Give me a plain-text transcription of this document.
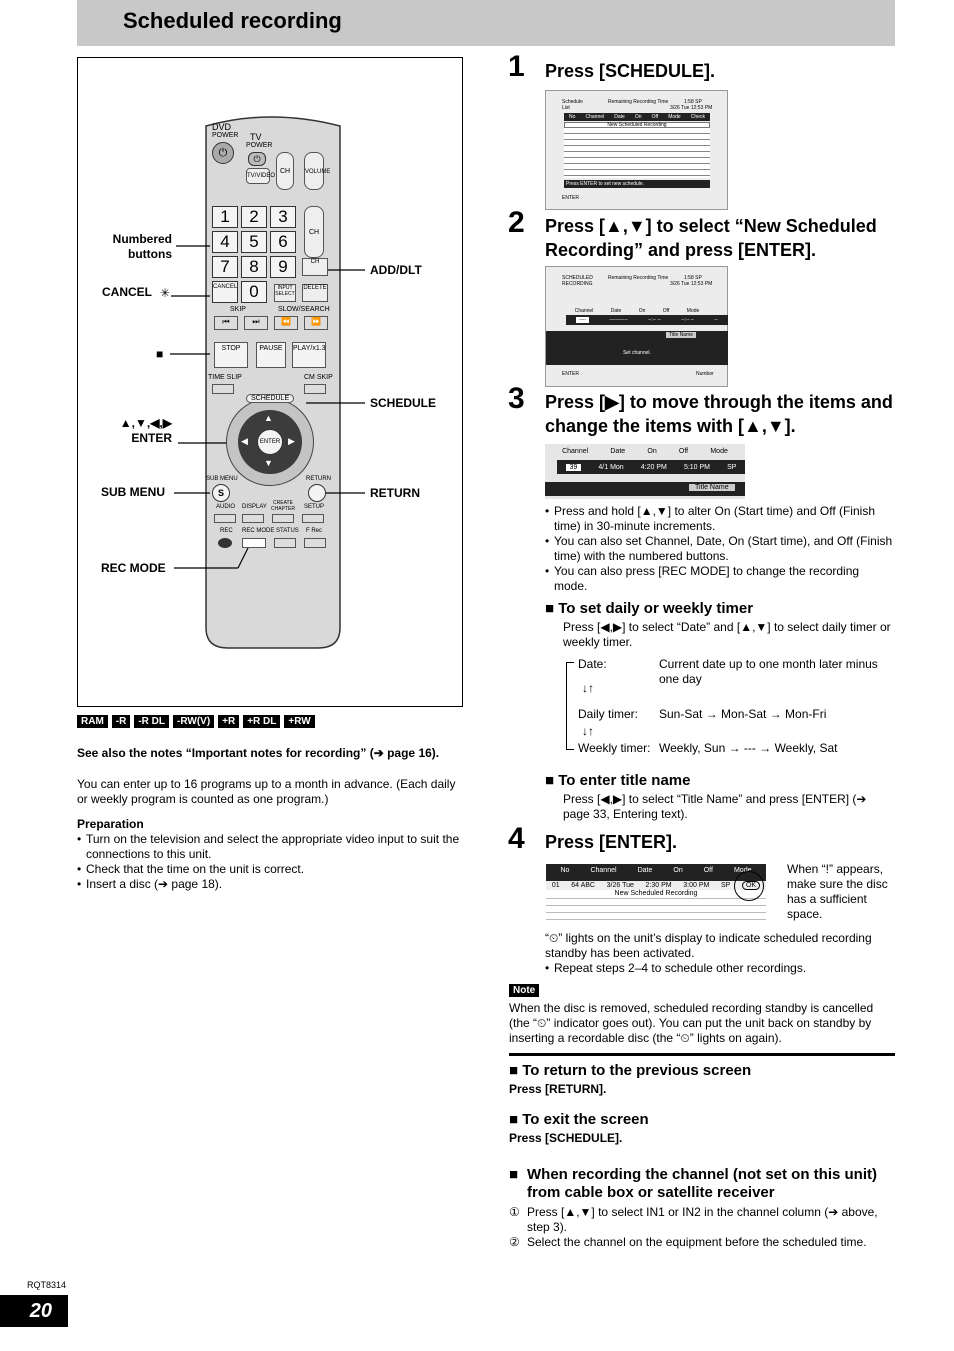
Scheduled recording
DVD
POWER
⏻
TV
POWER
⏻
TV/VIDEO
CH	VOLUME
1	2	3
4	5	6
7	8	9
CANCEL 0
CH
CH
INPUT SELECT
DELETE
SKIP	SLOW/SEARCH
⏮	⏭	⏪	⏩
STOP	PAUSE	PLAY/x1.3
TIME SLIP	CM SKIP
SCHEDULE
ENTER
▲
▼
◀	▶
SUB MENU
S
RETURN
AUDIO DISPLAY
CREATE CHAPTER SETUP
REC REC MODE STATUS F Rec
Numbered
buttons
CANCEL ✳
■
▲,▼,◀,▶
ENTER
SUB MENU
REC MODE
ADD/DLT
SCHEDULE
RETURN
RAM	-R	-R DL	-RW(V)	+R	+R DL	+RW
See also the notes “Important notes for recording” (➔ page 16).
You can enter up to 16 programs up to a month in advance. (Each daily or weekly program is counted as one program.)
Preparation
• Turn on the television and select the appropriate video input to suit the connections to this unit.
• Check that the time on the unit is correct.
• Insert a disc (➔ page 18).
1 Press [SCHEDULE].
Schedule
List
Remaining Recording Time	1:58 SP
3/26 Tue 12:53 PM
No Channel Date On Off Mode Check
New Scheduled Recording
Press ENTER to set new schedule.
ENTER
2 Press [▲,▼] to select “New Scheduled Recording” and press [ENTER].
SCHEDULED
RECORDING
Remaining Recording Time	1:58 SP
3/26 Tue 12:53 PM
Channel	Date	On	Off	Mode
----	-----------	--:-- --	--:-- --	--
Title Name
Set channel.
ENTER	Number
3 Press [▶] to move through the items and change the items with [▲,▼].
Channel	Date	On	Off	Mode
39	4/1 Mon 4:20 PM 5:10 PM SP
Title Name
• Press and hold [▲,▼] to alter On (Start time) and Off (Finish time) in 30-minute increments.
• You can also set Channel, Date, On (Start time), and Off (Finish time) with the numbered buttons.
• You can also press [REC MODE] to change the recording mode.
■ To set daily or weekly timer
Press [◀,▶] to select “Date” and [▲,▼] to select daily timer or weekly timer.
Date:	Current date up to one month later minus one day
↓↑
Daily timer: Sun-Sat → Mon-Sat → Mon-Fri
↓↑
Weekly timer: Weekly, Sun → --- → Weekly, Sat
■ To enter title name
Press [◀,▶] to select “Title Name” and press [ENTER] (➔ page 33, Entering text).
4 Press [ENTER].
No	Channel	Date	On	Off	Mode
01 64 ABC 3/26 Tue 2:30 PM 3:00 PM SP	OK
New Scheduled Recording
When “!” appears, make sure the disc has a sufficient space.
“⏲” lights on the unit’s display to indicate scheduled recording standby has been activated.
• Repeat steps 2–4 to schedule other recordings.
Note
When the disc is removed, scheduled recording standby is cancelled (the “⏲” indicator goes out). You can put the unit back on standby by inserting a recordable disc (the “⏲” lights on again).
■ To return to the previous screen
Press [RETURN].
■ To exit the screen
Press [SCHEDULE].
■ When recording the channel (not set on this unit) from cable box or satellite receiver
① Press [▲,▼] to select IN1 or IN2 in the channel column (➔ above, step 3).
② Select the channel on the equipment before the scheduled time.
RQT8314
20
